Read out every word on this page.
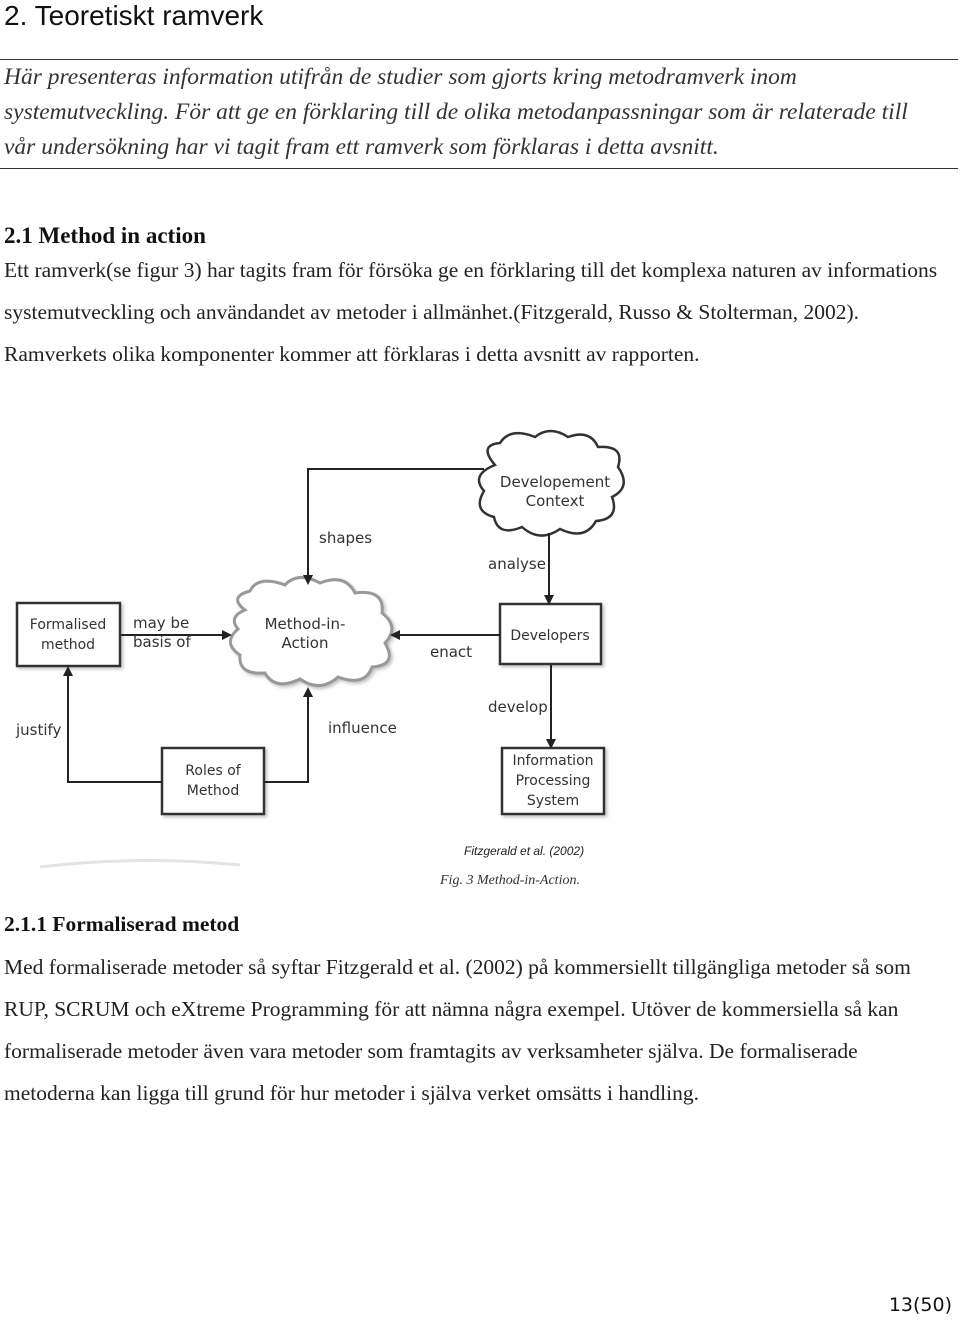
2. Teoretiskt ramverk

Här presenteras information utifrån de studier som gjorts kring metodramverk inom systemutveckling. För att ge en förklaring till de olika metodanpassningar som är relaterade till vår undersökning har vi tagit fram ett ramverk som förklaras i detta avsnitt.

2.1 Method in action

Ett ramverk(se figur 3) har tagits fram för försöka ge en förklaring till det komplexa naturen av informations systemutveckling och användandet av metoder i allmänhet.(Fitzgerald, Russo & Stolterman, 2002). Ramverkets olika komponenter kommer att förklaras i detta avsnitt av rapporten.

Developement
Context
Method-in-
Action
Formalised
method
Developers
Roles of
Method
Information
Processing
System
shapes
analyse
may be
basis of
enact
develop
justify	influence
Fitzgerald et al. (2002)

Fig. 3 Method-in-Action.

2.1.1 Formaliserad metod

Med formaliserade metoder så syftar Fitzgerald et al. (2002) på kommersiellt tillgängliga metoder så som RUP, SCRUM och eXtreme Programming för att nämna några exempel. Utöver de kommersiella så kan formaliserade metoder även vara metoder som framtagits av verksamheter själva. De formaliserade metoderna kan ligga till grund för hur metoder i själva verket omsätts i handling.

13(50)
